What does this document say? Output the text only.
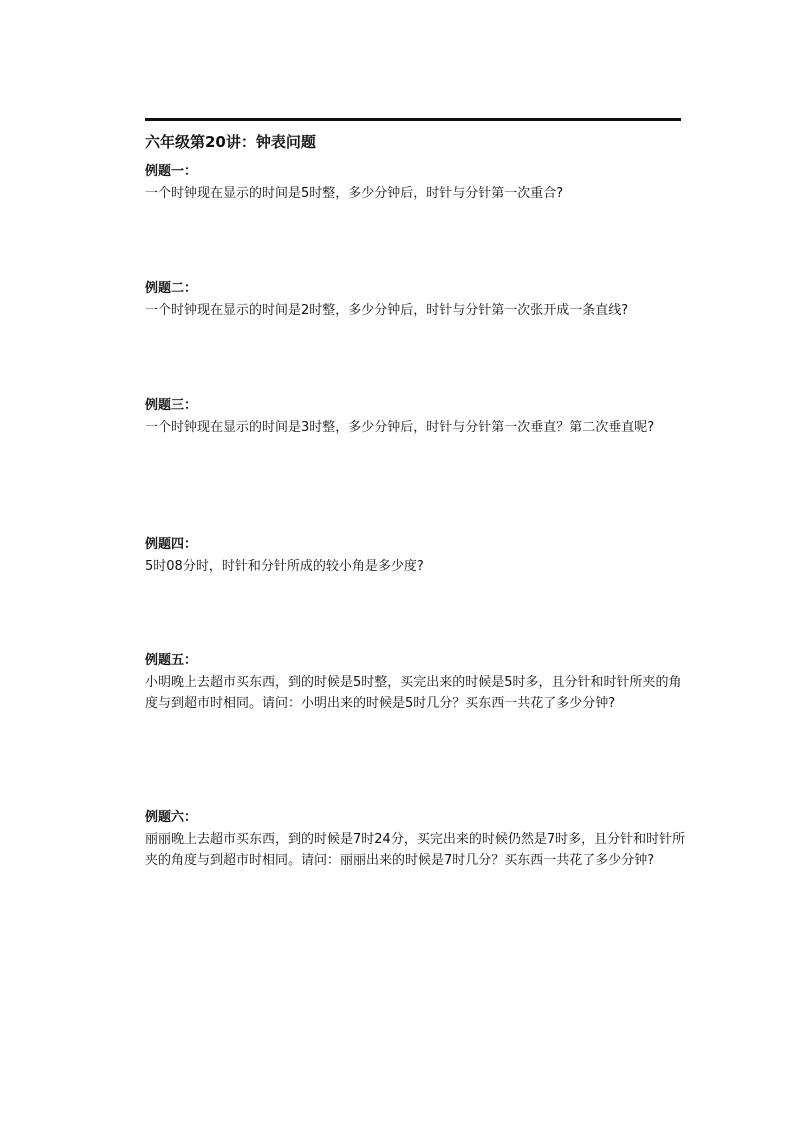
六年级第20讲：钟表问题
例题一：
一个时钟现在显示的时间是5时整，多少分钟后，时针与分针第一次重合?
例题二：
一个时钟现在显示的时间是2时整，多少分钟后，时针与分针第一次张开成一条直线?
例题三：
一个时钟现在显示的时间是3时整，多少分钟后，时针与分针第一次垂直？第二次垂直呢?
例题四：
5时08分时，时针和分针所成的较小角是多少度?
例题五：
小明晚上去超市买东西，到的时候是5时整，买完出来的时候是5时多，且分针和时针所夹的角度与到超市时相同。请问：小明出来的时候是5时几分？买东西一共花了多少分钟?
例题六：
丽丽晚上去超市买东西，到的时候是7时24分，买完出来的时候仍然是7时多，且分针和时针所夹的角度与到超市时相同。请问：丽丽出来的时候是7时几分？买东西一共花了多少分钟?
